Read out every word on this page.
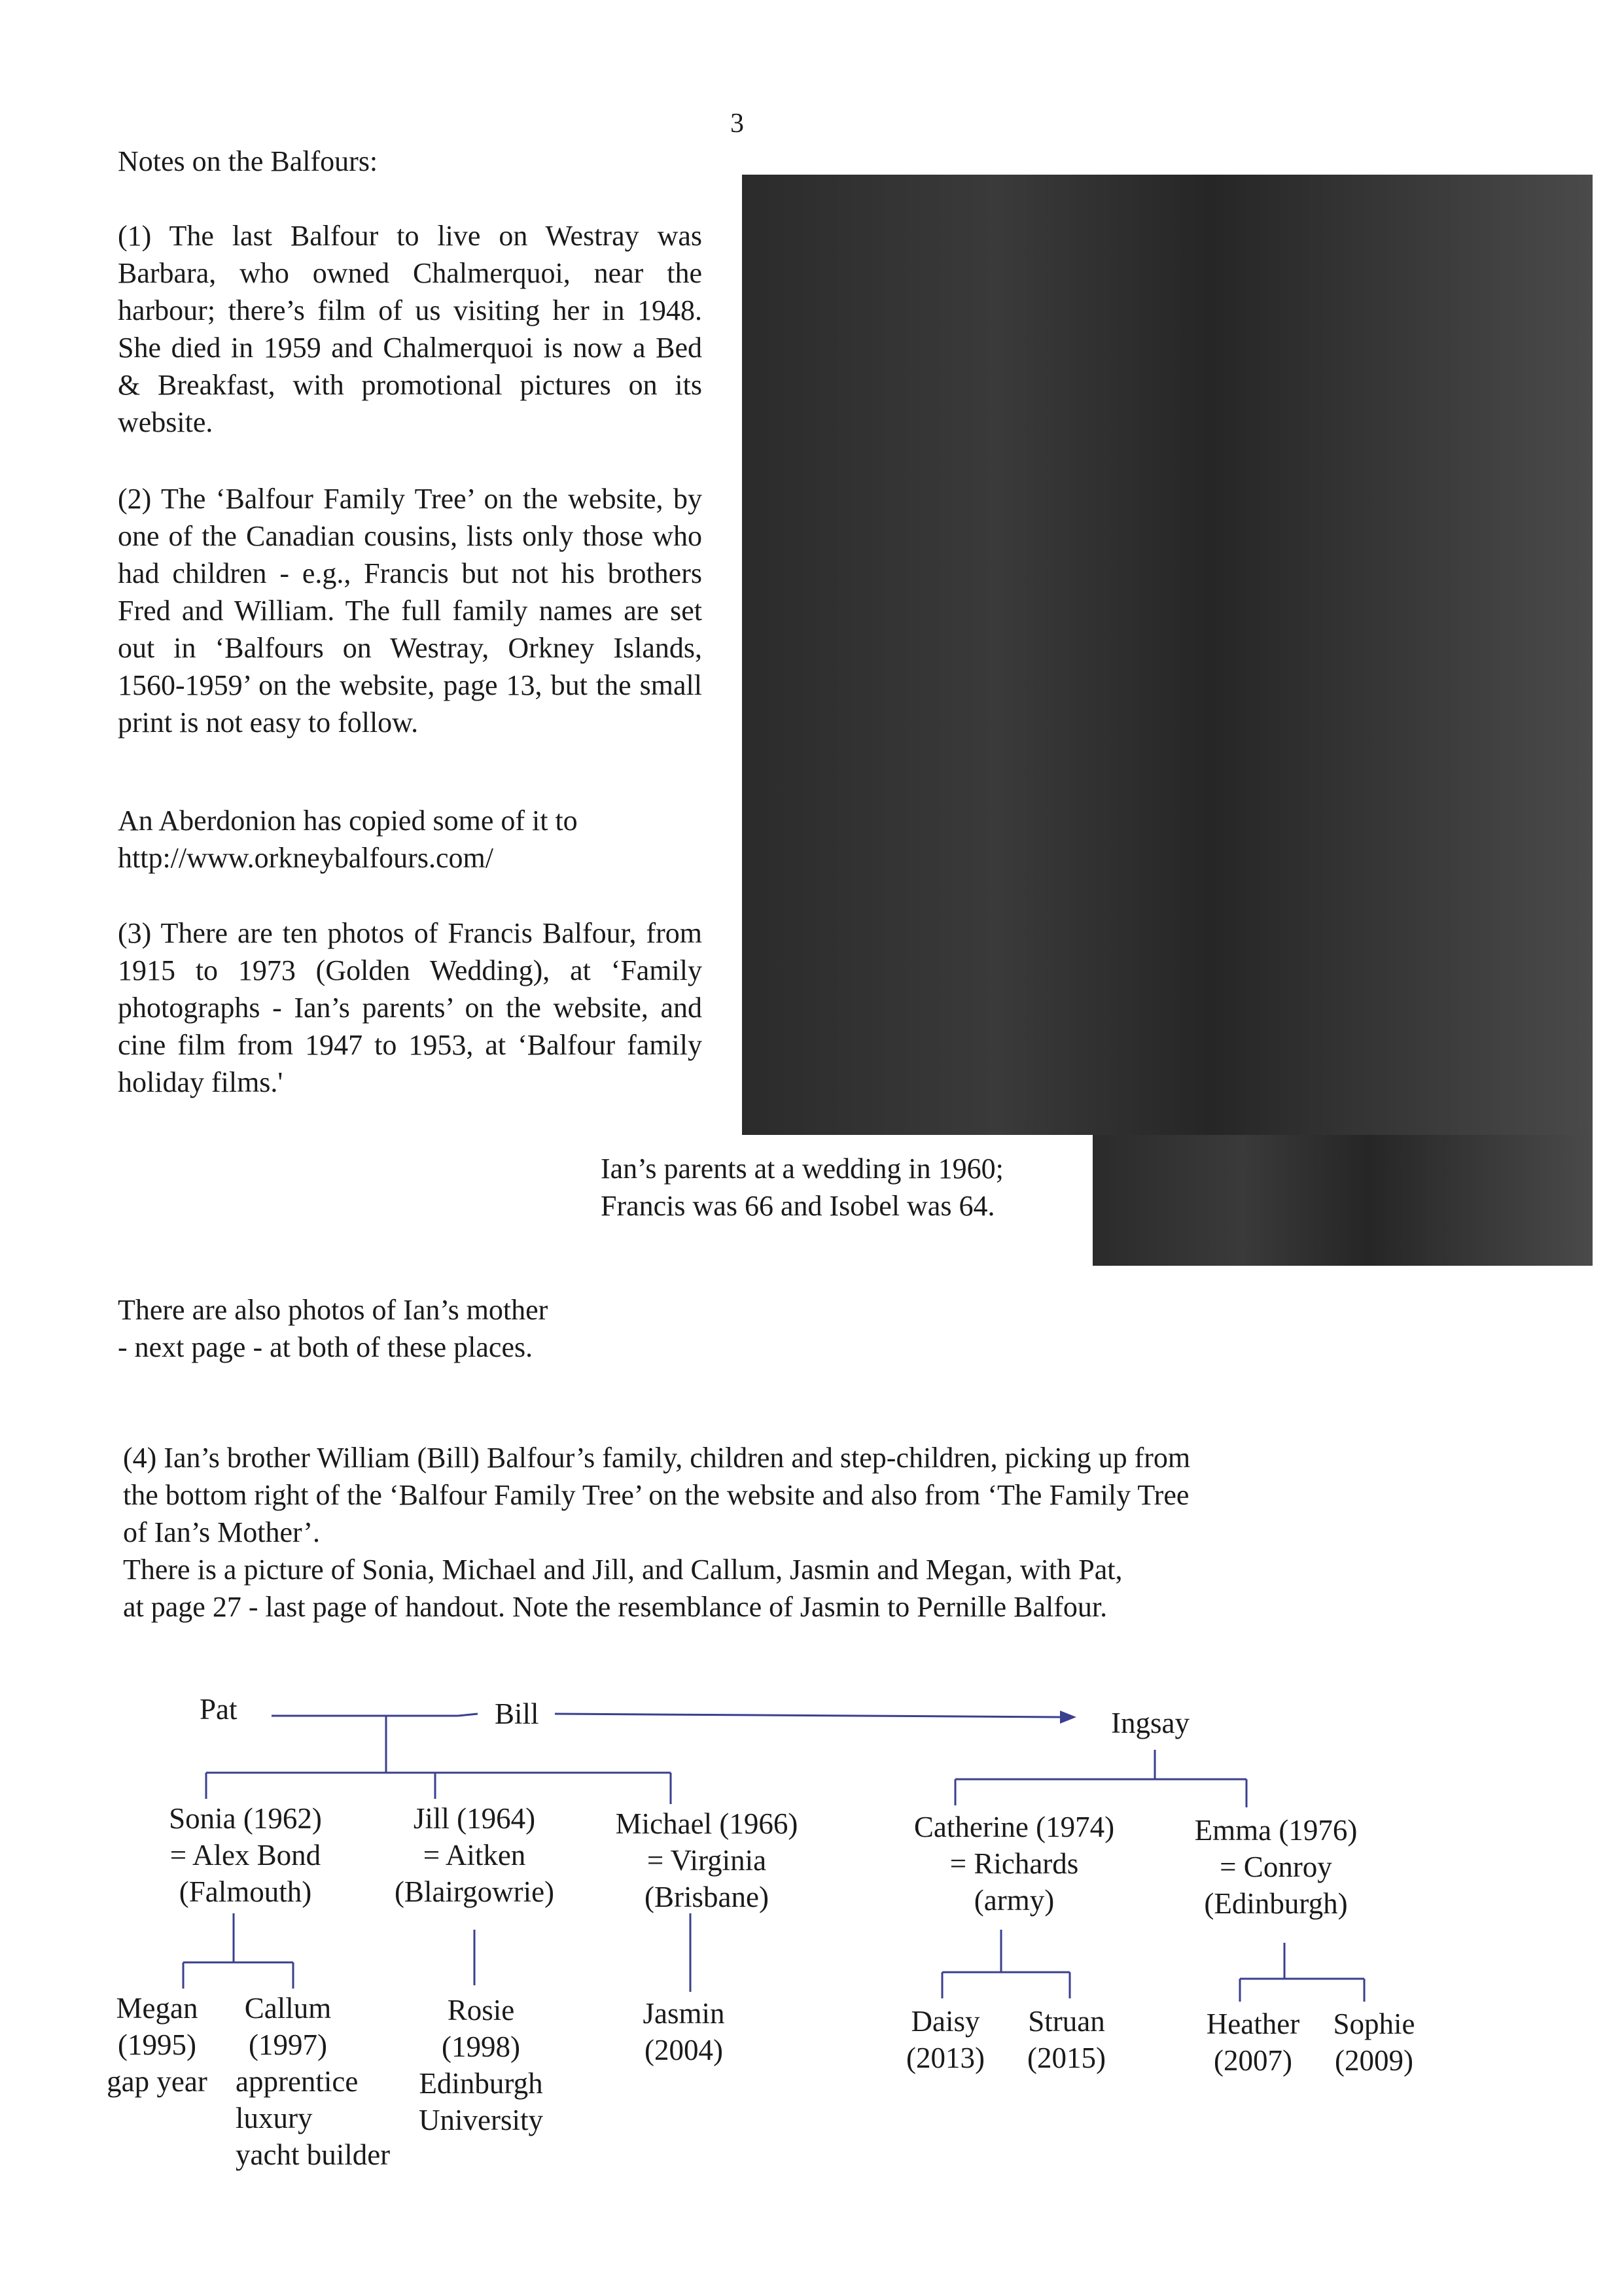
3
Notes on the Balfours:

(1) The last Balfour to live on Westray was Barbara, who owned Chalmerquoi, near the harbour; there’s film of us visiting her in 1948. She died in 1959 and Chalmerquoi is now a Bed & Breakfast, with promotional pictures on its website.

(2) The ‘Balfour Family Tree’ on the website, by one of the Canadian cousins, lists only those who had children - e.g., Francis but not his brothers Fred and William. The full family names are set out in ‘Balfours on Westray, Orkney Islands, 1560-1959’ on the website, page 13, but the small print is not easy to follow.

An Aberdonion has copied some of it to
http://www.orkneybalfours.com/

(3) There are ten photos of Francis Balfour, from 1915 to 1973 (Golden Wedding), at ‘Family photographs - Ian’s parents’ on the website, and cine film from 1947 to 1953, at ‘Balfour family holiday films.'

Ian’s parents at a wedding in 1960;
Francis was 66 and Isobel was 64.
There are also photos of Ian’s mother
- next page - at both of these places.
(4) Ian’s brother William (Bill) Balfour’s family, children and step-children, picking up from
the bottom right of the ‘Balfour Family Tree’ on the website and also from ‘The Family Tree
of Ian’s Mother’.
There is a picture of Sonia, Michael and Jill, and Callum, Jasmin and Megan, with Pat,
at page 27 - last page of handout. Note the resemblance of Jasmin to Pernille Balfour.
Pat	Bill	Ingsay
Sonia (1962)
= Alex Bond
(Falmouth)
Jill (1964)
= Aitken
(Blairgowrie)
Michael (1966)
= Virginia
(Brisbane)
Catherine (1974)
= Richards
(army)
Emma (1976)
= Conroy
(Edinburgh)
Megan
(1995)
gap year
Callum
(1997)
apprentice
luxury
yacht builder
Rosie
(1998)
Edinburgh
University
Jasmin
(2004)
Daisy
(2013)
Struan
(2015)
Heather
(2007)
Sophie
(2009)
